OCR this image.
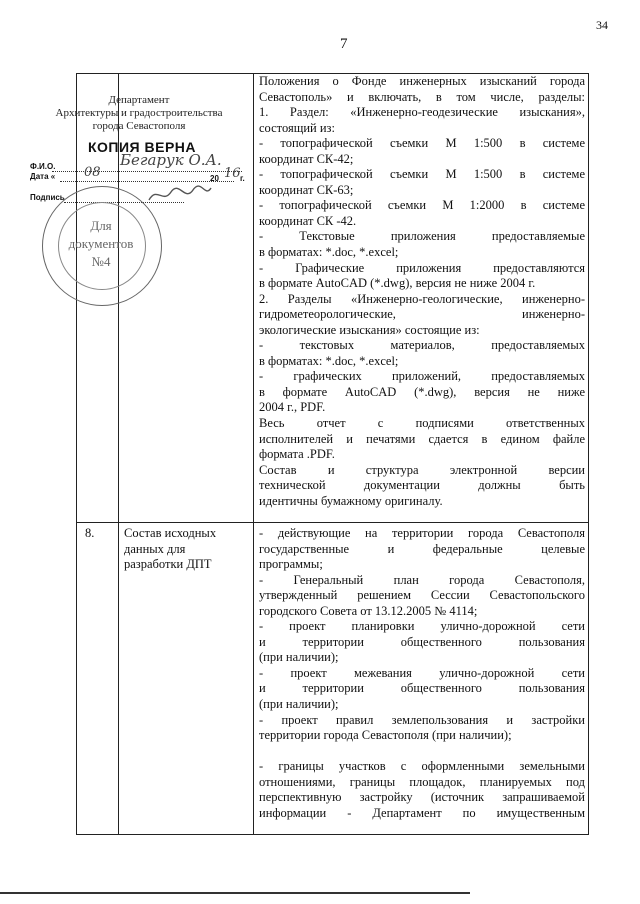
34
7

Положения о Фонде инженерных изысканий города

Севастополь» и включать, в том числе, разделы:

1. Раздел: «Инженерно-геодезические изыскания»,

состоящий из:

- топографической съемки М 1:500 в системе

координат СК-42;

- топографической съемки М 1:500 в системе

координат СК-63;

- топографической съемки М 1:2000 в системе

координат СК -42.

- Текстовые приложения предоставляемые

в форматах: *.doc, *.excel;

- Графические приложения предоставляются

в формате AutoCAD (*.dwg), версия не ниже 2004 г.

2. Разделы «Инженерно-геологические, инженерно-

гидрометеорологические, инженерно-

экологические изыскания» состоящие из:

- текстовых материалов, предоставляемых

в форматах: *.doc, *.excel;

- графических приложений, предоставляемых

в формате AutoCAD (*.dwg), версия не ниже

2004 г., PDF.

Весь отчет с подписями ответственных

исполнителей и печатями сдается в едином файле

формата .PDF.

Состав и структура электронной версии

технической документации должны быть

идентичны бумажному оригиналу.

8. Состав исходных
данных для
разработки ДПТ

- действующие на территории города Севастополя

государственные и федеральные целевые

программы;

- Генеральный план города Севастополя,

утвержденный решением Сессии Севастопольского

городского Совета от 13.12.2005 № 4114;

- проект планировки улично-дорожной сети

и территории общественного пользования

(при наличии);

- проект межевания улично-дорожной сети

и территории общественного пользования

(при наличии);

- проект правил землепользования и застройки

территории города Севастополя (при наличии);

- границы участков с оформленными земельными

отношениями, границы площадок, планируемых под

перспективную застройку (источник запрашиваемой

информации - Департамент по имущественным

Департамент
Архитектуры и градостроительства
города Севастополя
КОПИЯ ВЕРНА
Ф.И.О.	Бегарук О.А.
Дата « 08	20 16 г.
Подпись
Для
документов
№4
